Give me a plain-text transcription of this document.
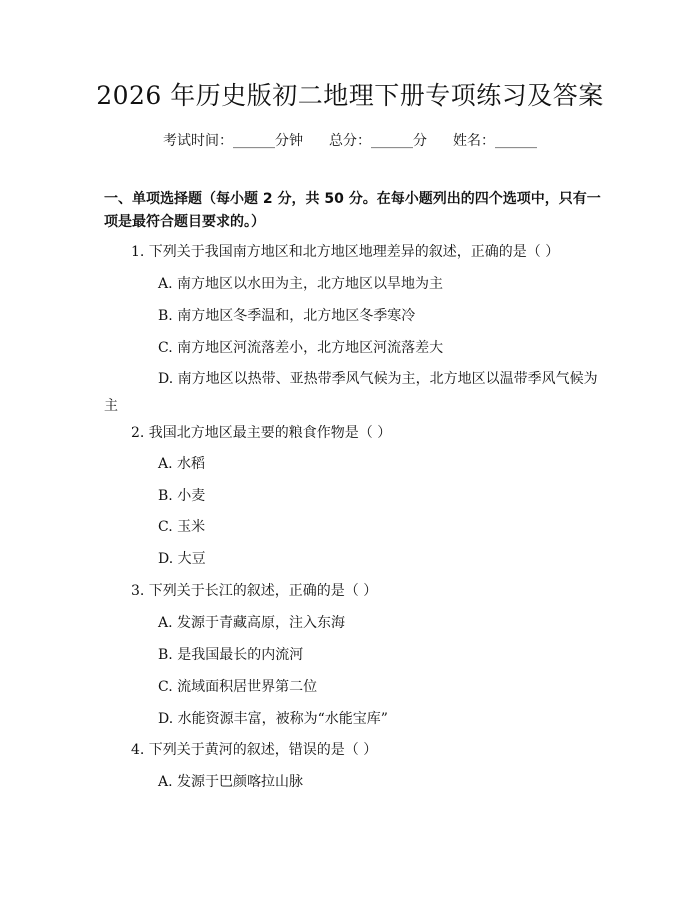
2026 年历史版初二地理下册专项练习及答案
考试时间：______分钟 总分：______分 姓名：______
一、单项选择题（每小题 2 分，共 50 分。在每小题列出的四个选项中，只有一项是最符合题目要求的。）
1. 下列关于我国南方地区和北方地区地理差异的叙述，正确的是（ ）
A. 南方地区以水田为主，北方地区以旱地为主
B. 南方地区冬季温和，北方地区冬季寒冷
C. 南方地区河流落差小，北方地区河流落差大
D. 南方地区以热带、亚热带季风气候为主，北方地区以温带季风气候为主
2. 我国北方地区最主要的粮食作物是（ ）
A. 水稻
B. 小麦
C. 玉米
D. 大豆
3. 下列关于长江的叙述，正确的是（ ）
A. 发源于青藏高原，注入东海
B. 是我国最长的内流河
C. 流域面积居世界第二位
D. 水能资源丰富，被称为“水能宝库”
4. 下列关于黄河的叙述，错误的是（ ）
A. 发源于巴颜喀拉山脉
